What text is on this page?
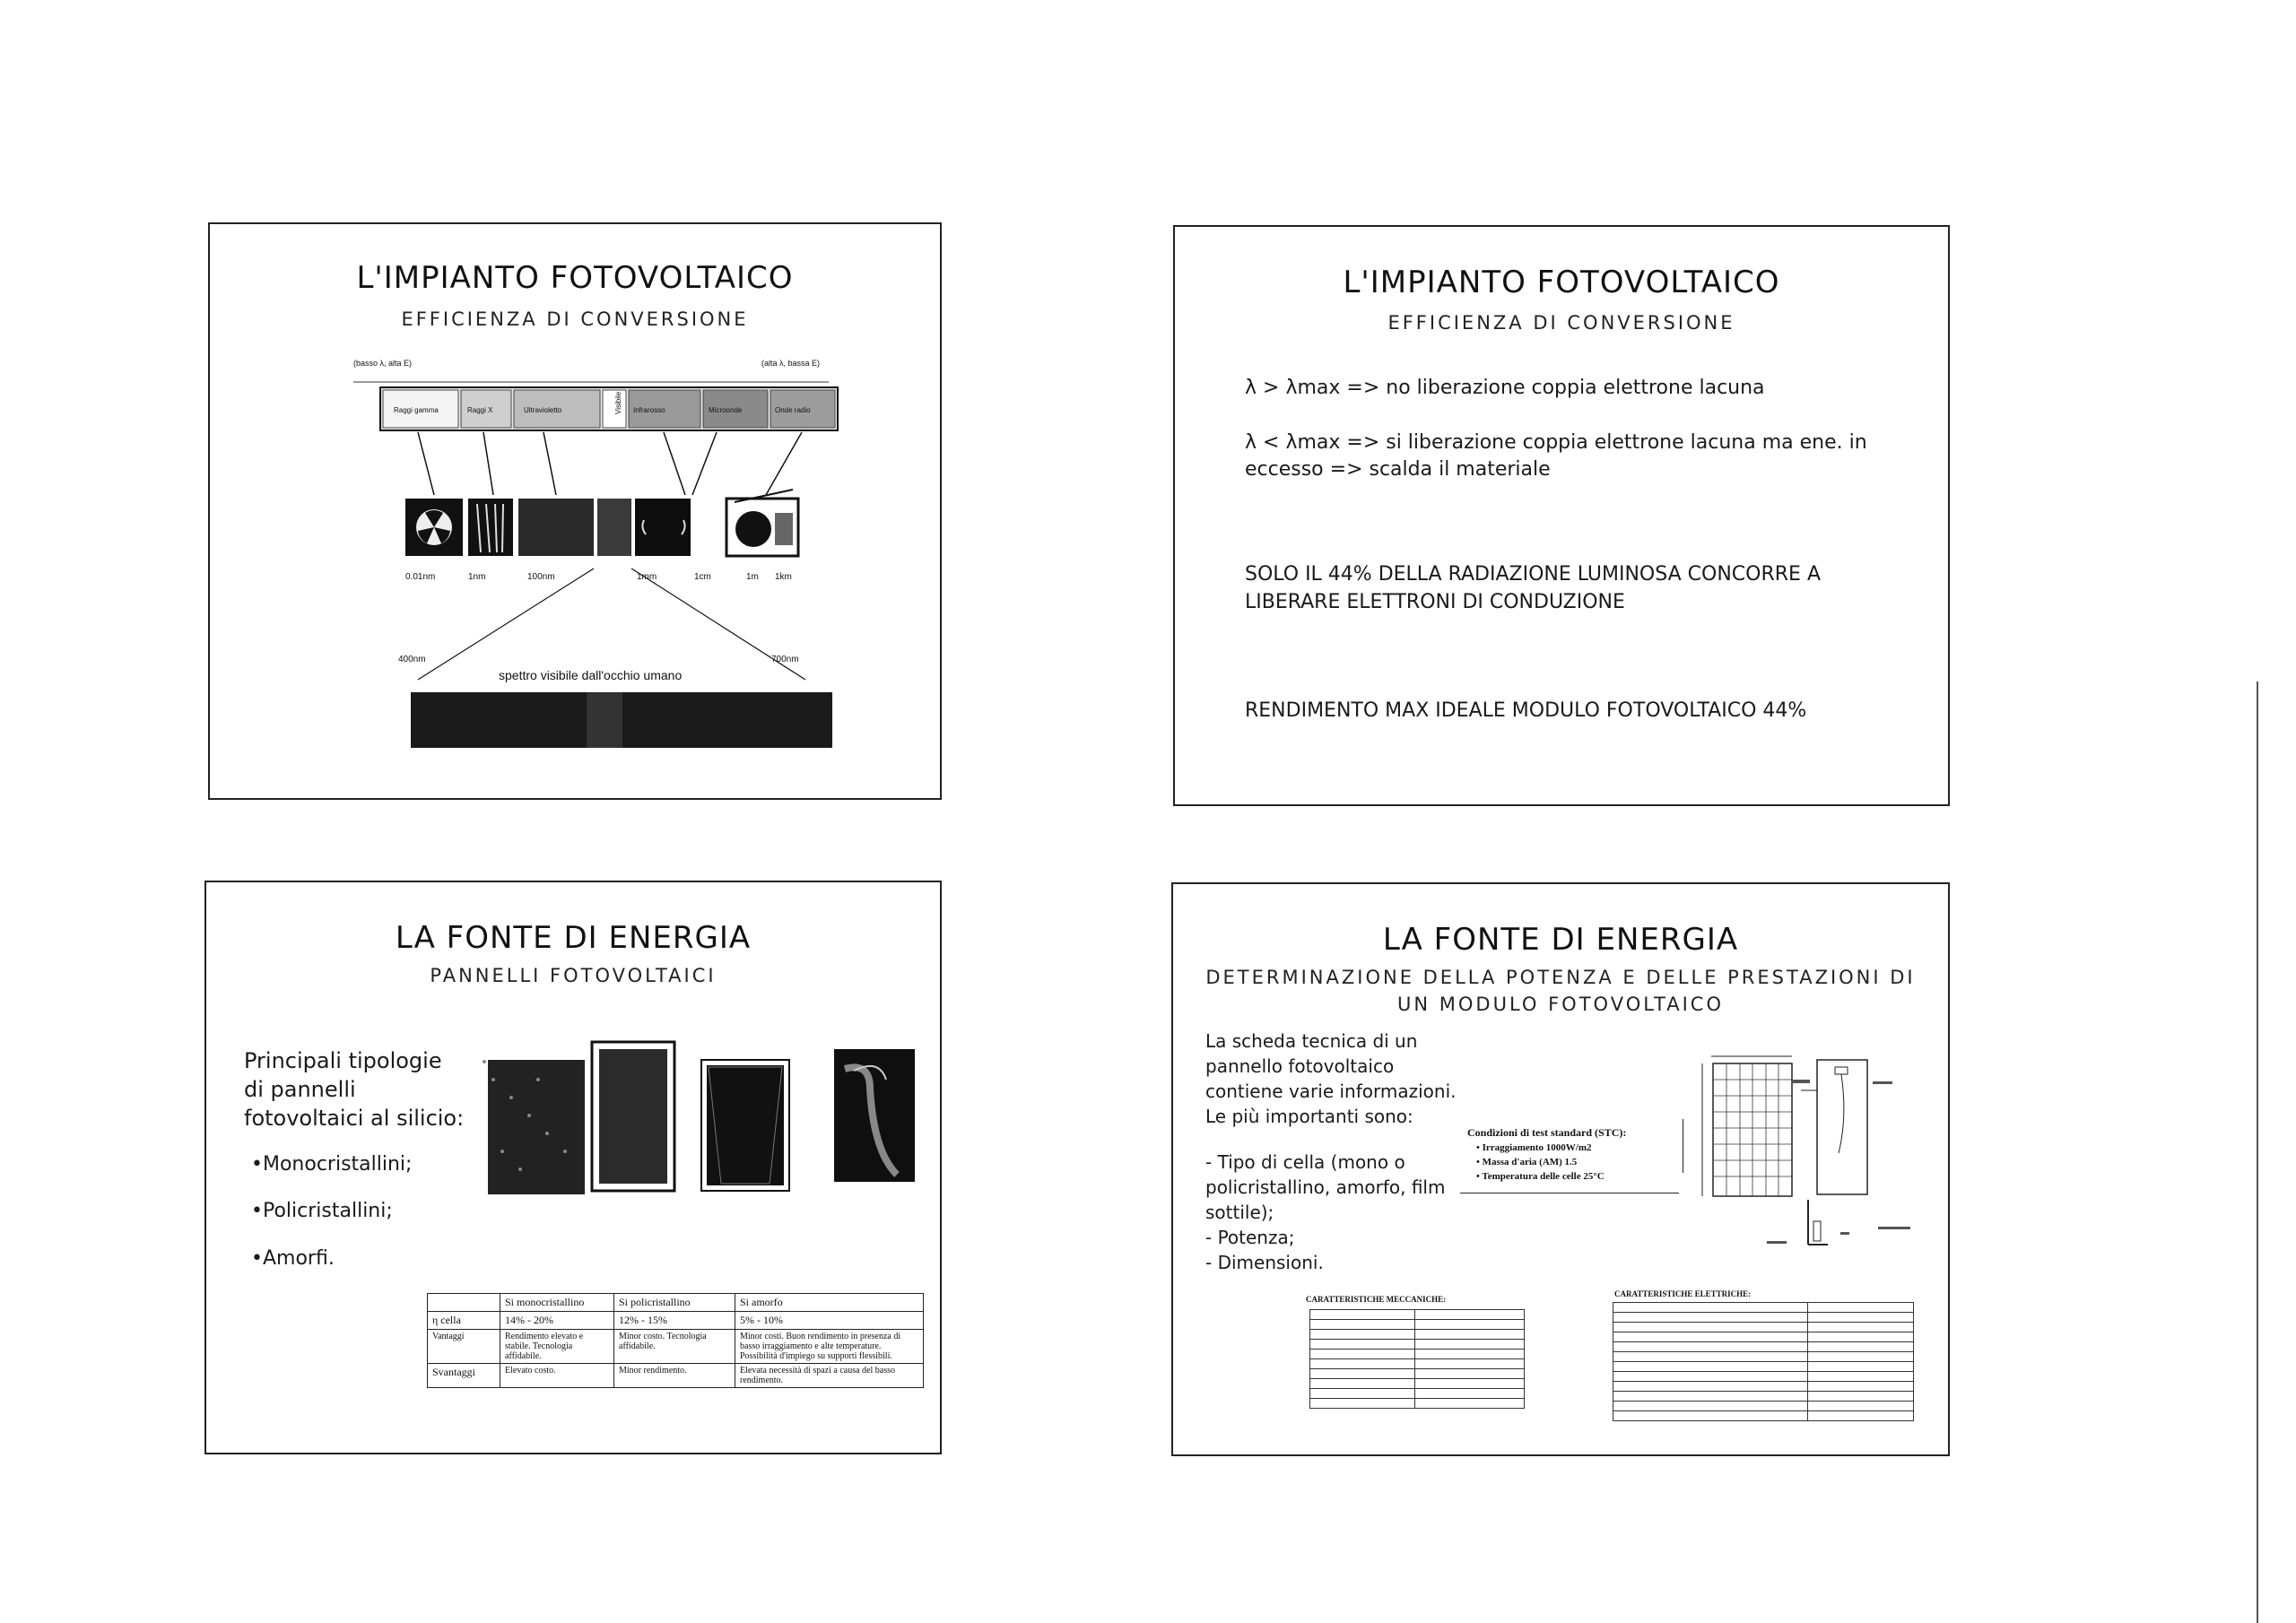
L'IMPIANTO FOTOVOLTAICO
EFFICIENZA DI CONVERSIONE
(basso λ, alta E)	(alta λ, bassa E)
Raggi gamma	Raggi X	Ultravioletto	Visibile Infrarosso	Microonde	Onde radio
0.01nm	1nm	100nm	1mm	1cm	1m 1km
400nm	700nm
spettro visibile dall'occhio umano
L'IMPIANTO FOTOVOLTAICO
EFFICIENZA DI CONVERSIONE
λ > λmax => no liberazione coppia elettrone lacuna
λ < λmax => si liberazione coppia elettrone lacuna ma ene. in
eccesso => scalda il materiale
SOLO IL 44% DELLA RADIAZIONE LUMINOSA CONCORRE A
LIBERARE ELETTRONI DI CONDUZIONE
RENDIMENTO MAX IDEALE MODULO FOTOVOLTAICO 44%
LA FONTE DI ENERGIA
PANNELLI FOTOVOLTAICI
Principali tipologie
di pannelli
fotovoltaici al silicio:
•Monocristallini;
•Policristallini;
•Amorfi.
	Si monocristallino	Si policristallino	Si amorfo
η cella	14% - 20%	12% - 15%	5% - 10%
Vantaggi	Rendimento elevato e stabile. Tecnologia affidabile.	Minor costo. Tecnologia affidabile.	Minor costi. Buon rendimento in presenza di basso irraggiamento e alte temperature. Possibilità d'impiego su supporti flessibili.
Svantaggi	Elevato costo.	Minor rendimento.	Elevata necessità di spazi a causa del basso rendimento.
LA FONTE DI ENERGIA
DETERMINAZIONE DELLA POTENZA E DELLE PRESTAZIONI DI
UN MODULO FOTOVOLTAICO
La scheda tecnica di un
pannello fotovoltaico
contiene varie informazioni.
Le più importanti sono:
- Tipo di cella (mono o
policristallino, amorfo, film
sottile);
- Potenza;
- Dimensioni.
Condizioni di test standard (STC):
• Irraggiamento 1000W/m2
• Massa d'aria (AM) 1.5
• Temperatura delle celle 25°C
CARATTERISTICHE MECCANICHE:

CARATTERISTICHE ELETTRICHE:
